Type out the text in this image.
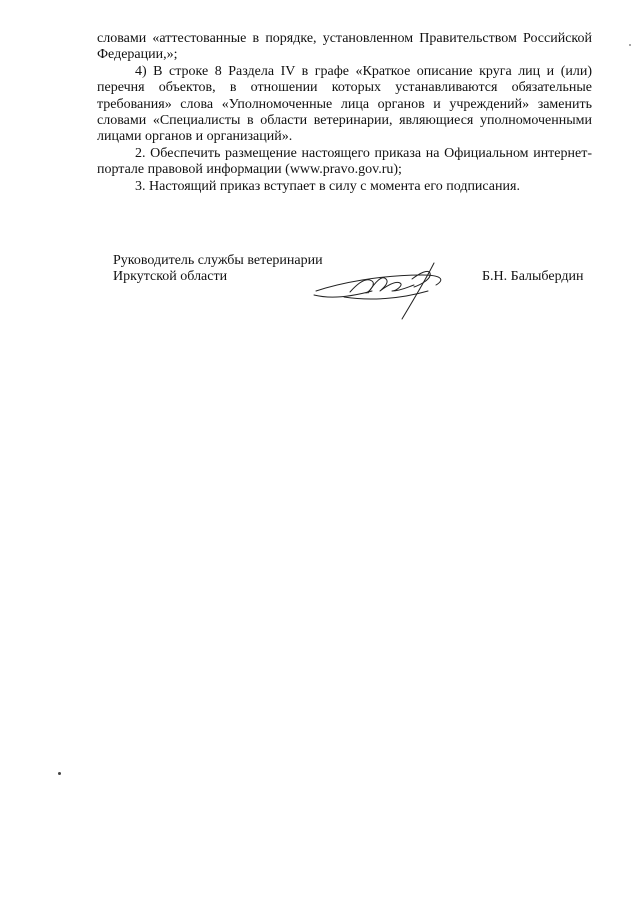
словами «аттестованные в порядке, установленном Правительством Российской Федерации,»;

4) В строке 8 Раздела IV в графе «Краткое описание круга лиц и (или) перечня объектов, в отношении которых устанавливаются обязательные требования» слова «Уполномоченные лица органов и учреждений» заменить словами «Специалисты в области ветеринарии, являющиеся уполномоченными лицами органов и организаций».

2. Обеспечить размещение настоящего приказа на Официальном интернет-портале правовой информации (www.pravo.gov.ru);

3. Настоящий приказ вступает в силу с момента его подписания.

Руководитель службы ветеринарии
Иркутской области	Б.Н. Балыбердин
